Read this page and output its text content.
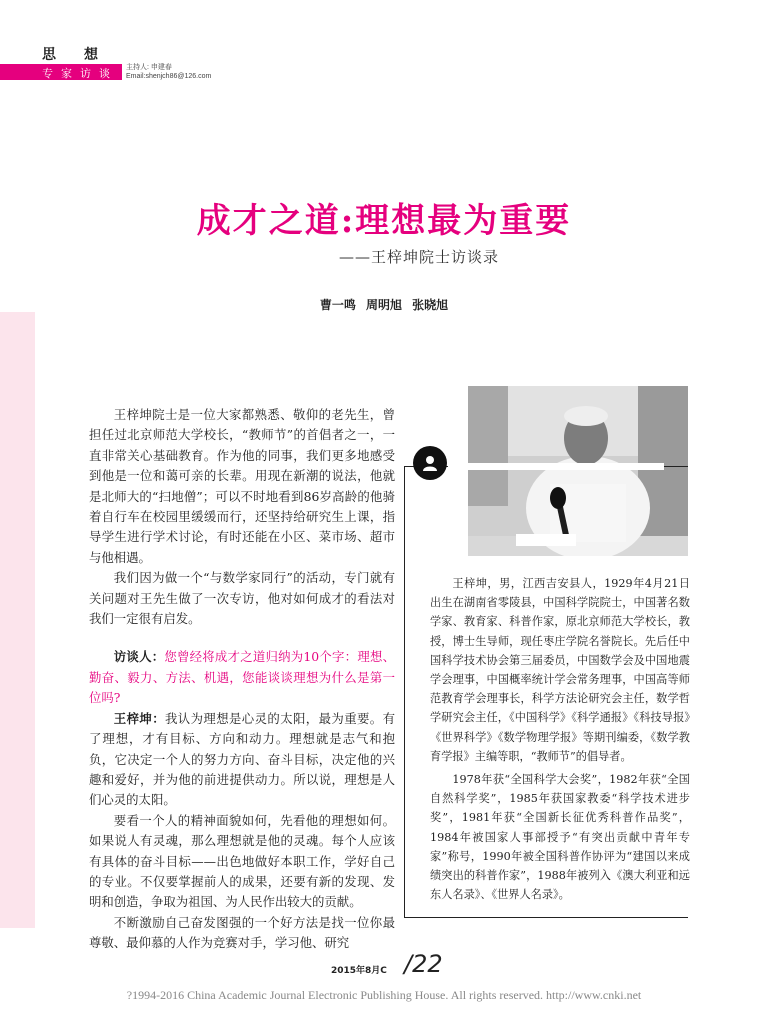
思想
专家访谈 主持人: 申建春
Email:shenjch86@126.com
成才之道:理想最为重要
——王梓坤院士访谈录
曹一鸣 周明旭 张晓旭

王梓坤院士是一位大家都熟悉、敬仰的老先生，曾担任过北京师范大学校长，“教师节”的首倡者之一，一直非常关心基础教育。作为他的同事，我们更多地感受到他是一位和蔼可亲的长辈。用现在新潮的说法，他就是北师大的“扫地僧”；可以不时地看到86岁高龄的他骑着自行车在校园里缓缓而行，还坚持给研究生上课，指导学生进行学术讨论，有时还能在小区、菜市场、超市与他相遇。

我们因为做一个“与数学家同行”的活动，专门就有关问题对王先生做了一次专访，他对如何成才的看法对我们一定很有启发。

访谈人：您曾经将成才之道归纳为10个字：理想、勤奋、毅力、方法、机遇，您能谈谈理想为什么是第一位吗?

王梓坤：我认为理想是心灵的太阳，最为重要。有了理想，才有目标、方向和动力。理想就是志气和抱负，它决定一个人的努力方向、奋斗目标，决定他的兴趣和爱好，并为他的前进提供动力。所以说，理想是人们心灵的太阳。

要看一个人的精神面貌如何，先看他的理想如何。如果说人有灵魂，那么理想就是他的灵魂。每个人应该有具体的奋斗目标——出色地做好本职工作，学好自己的专业。不仅要掌握前人的成果，还要有新的发现、发明和创造，争取为祖国、为人民作出较大的贡献。

不断激励自己奋发图强的一个好方法是找一位你最尊敬、最仰慕的人作为竞赛对手，学习他、研究

王梓坤，男，江西吉安县人，1929年4月21日出生在湖南省零陵县，中国科学院院士，中国著名数学家、教育家、科普作家，原北京师范大学校长，教授，博士生导师，现任枣庄学院名誉院长。先后任中国科学技术协会第三届委员，中国数学会及中国地震学会理事，中国概率统计学会常务理事，中国高等师范教育学会理事长，科学方法论研究会主任，数学哲学研究会主任，《中国科学》《科学通报》《科技导报》《世界科学》《数学物理学报》等期刊编委，《数学教育学报》主编等职，“教师节”的倡导者。

1978年获“全国科学大会奖”，1982年获“全国自然科学奖”，1985年获国家教委“科学技术进步奖”，1981年获“全国新长征优秀科普作品奖”，1984年被国家人事部授予“有突出贡献中青年专家”称号，1990年被全国科普作协评为“建国以来成绩突出的科普作家”，1988年被列入《澳大利亚和远东人名录》、《世界人名录》。

2015年8月C /22
?1994-2016 China Academic Journal Electronic Publishing House. All rights reserved. http://www.cnki.net
